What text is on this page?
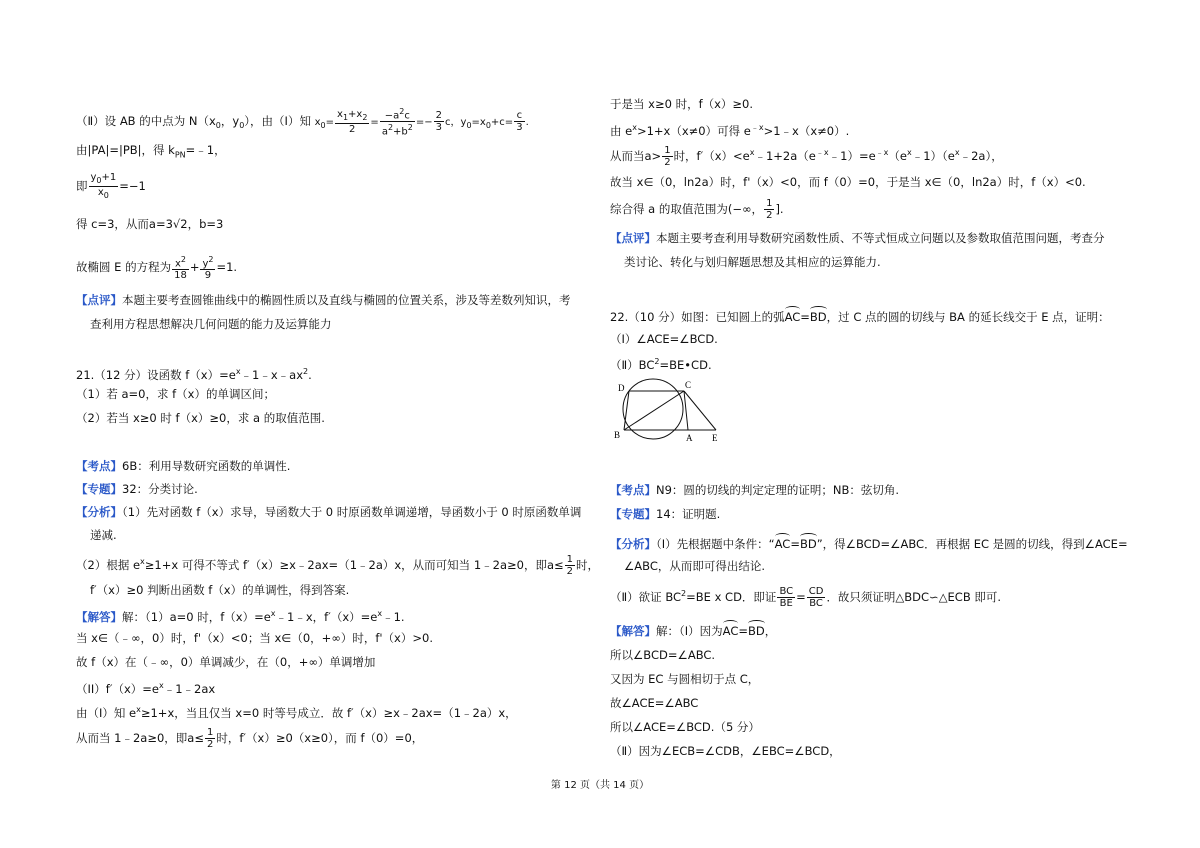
（Ⅱ）设 AB 的中点为 $N(x_0$，$y_0$），由（Ⅰ）知 $x_0= \frac{x_1+x_2}{2} = \frac{-a^2c}{a^2+b^2} =- \frac{2}{3}$ c，$y_0=x_0+c= \frac{c}{3}$ .
由|PA|=|PB|，得 $k_{PN}=﹣1$，
即 $\frac{y_0+1}{x_0} =-1$
得 c=3，从而a=3√2，b=3
故椭圆 E 的方程为 $\frac{x^2}{18} + \frac{y^2}{9} =1$.
【点评】本题主要考查圆锥曲线中的椭圆性质以及直线与椭圆的位置关系，涉及等差数列知识，考
查利用方程思想解决几何问题的能力及运算能力
21.（12 分）设函数 $f(x)=e^x﹣1﹣x﹣ax^2$.
（1）若 a=0，求 f（x）的单调区间；
（2）若当 x≥0 时 f（x）≥0，求 a 的取值范围.
【考点】6B：利用导数研究函数的单调性.
【专题】32：分类讨论.
【分析】（1）先对函数 f（x）求导，导函数大于 0 时原函数单调递增，导函数小于 0 时原函数单调
递减.
（2）根据 $e^x\ge 1+x$ 可得不等式 f′（x）≥x﹣2ax=（1﹣2a）x，从而可知当 1﹣2a≥0，即$a\le \frac{1}{2}$ 时，
f′（x）≥0 判断出函数 f（x）的单调性，得到答案.
【解答】解：（1）a=0 时，$f(x)=e^x﹣1﹣x$，$f'(x)=e^x﹣1$.
当 x∈（﹣∞，0）时，f'（x）<0；当 x∈（0，+∞）时，f'（x）>0.
故 f（x）在（﹣∞，0）单调减少，在（0，+∞）单调增加
$(II)f'(x)=e^x﹣1﹣2ax$
由（I）知 $e^x\ge 1+x$，当且仅当 x=0 时等号成立．故 f′（x）≥x﹣2ax=（1﹣2a）x，
从而当 1﹣2a≥0，即$a\le \frac{1}{2}$ 时，f′（x）≥0（x≥0），而 f（0）=0，
于是当 x≥0 时，f（x）≥0.
由 $e^x>1+x(x\ne 0)$可得 $e^{﹣x}>1﹣x(x\ne 0)$.
从而当$a> \frac{1}{2}$ 时，$f'(x)<e^x﹣1+2a(e^{﹣x}﹣1)=e^{﹣x}(e^x﹣1)(e^x﹣2a)$，
故当 x∈（0，ln2a）时，f'（x）<0，而 f（0）=0，于是当 x∈（0，ln2a）时，f（x）<0.
综合得 a 的取值范围为(−∞， $\frac{1}{2}$ ].
【点评】本题主要考查利用导数研究函数性质、不等式恒成立问题以及参数取值范围问题，考查分
类讨论、转化与划归解题思想及其相应的运算能力.
22.（10 分）如图：已知圆上的弧AC=BD，过 C 点的圆的切线与 BA 的延长线交于 E 点，证明：
（Ⅰ）∠ACE=∠BCD.
$(Ⅱ)BC^2=BE•CD$.
D	C
B	A E
【考点】N9：圆的切线的判定定理的证明；NB：弦切角.
【专题】14：证明题.
【分析】（Ⅰ）先根据题中条件：“AC=BD”，得∠BCD=∠ABC．再根据 EC 是圆的切线，得到∠ACE=
∠ABC，从而即可得出结论.
（Ⅱ）欲证 $BC^2=BE$ x CD．即证 $\frac{BC}{BE} = \frac{CD}{BC}$ ．故只须证明△BDC∽△ECB 即可.
【解答】解：（Ⅰ）因为AC=BD，
所以∠BCD=∠ABC.
又因为 EC 与圆相切于点 C，
故∠ACE=∠ABC
所以∠ACE=∠BCD.（5 分）
（Ⅱ）因为∠ECB=∠CDB，∠EBC=∠BCD，
第 12 页（共 14 页）
